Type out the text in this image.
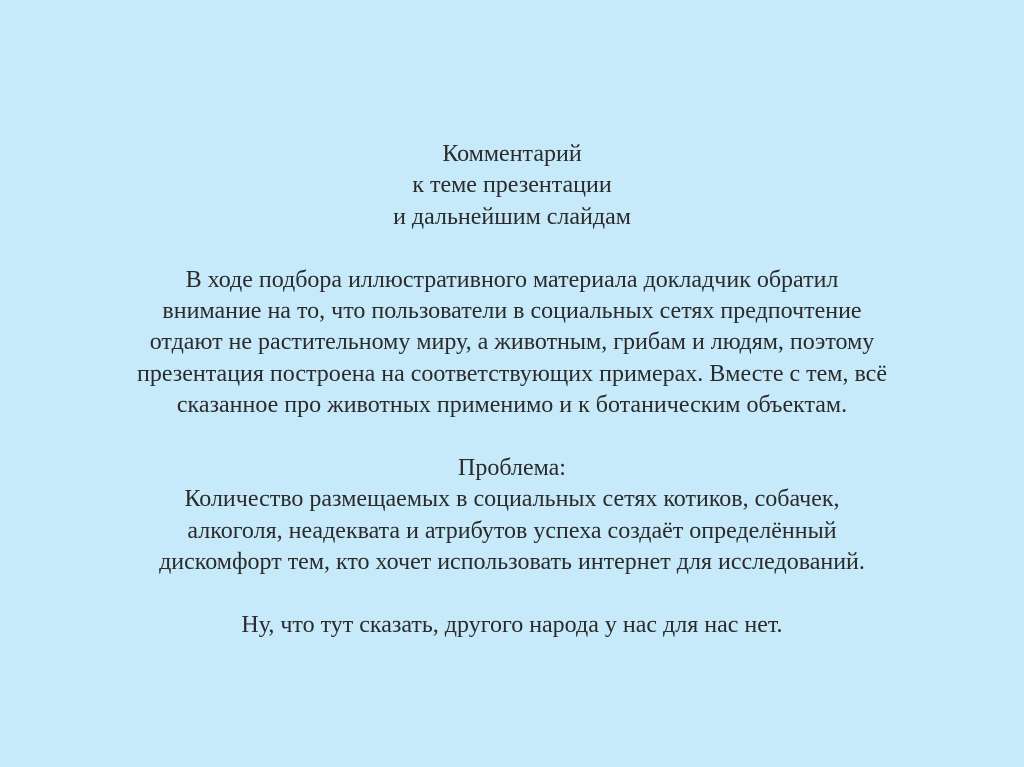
Комментарий
к теме презентации
и дальнейшим слайдам
В ходе подбора иллюстративного материала докладчик обратил
внимание на то, что пользователи в социальных сетях предпочтение
отдают не растительному миру, а животным, грибам и людям, поэтому
презентация построена на соответствующих примерах. Вместе с тем, всё
сказанное про животных применимо и к ботаническим объектам.
Проблема:
Количество размещаемых в социальных сетях котиков, собачек,
алкоголя, неадеквата и атрибутов успеха создаёт определённый
дискомфорт тем, кто хочет использовать интернет для исследований.
Ну, что тут сказать, другого народа у нас для нас нет.
